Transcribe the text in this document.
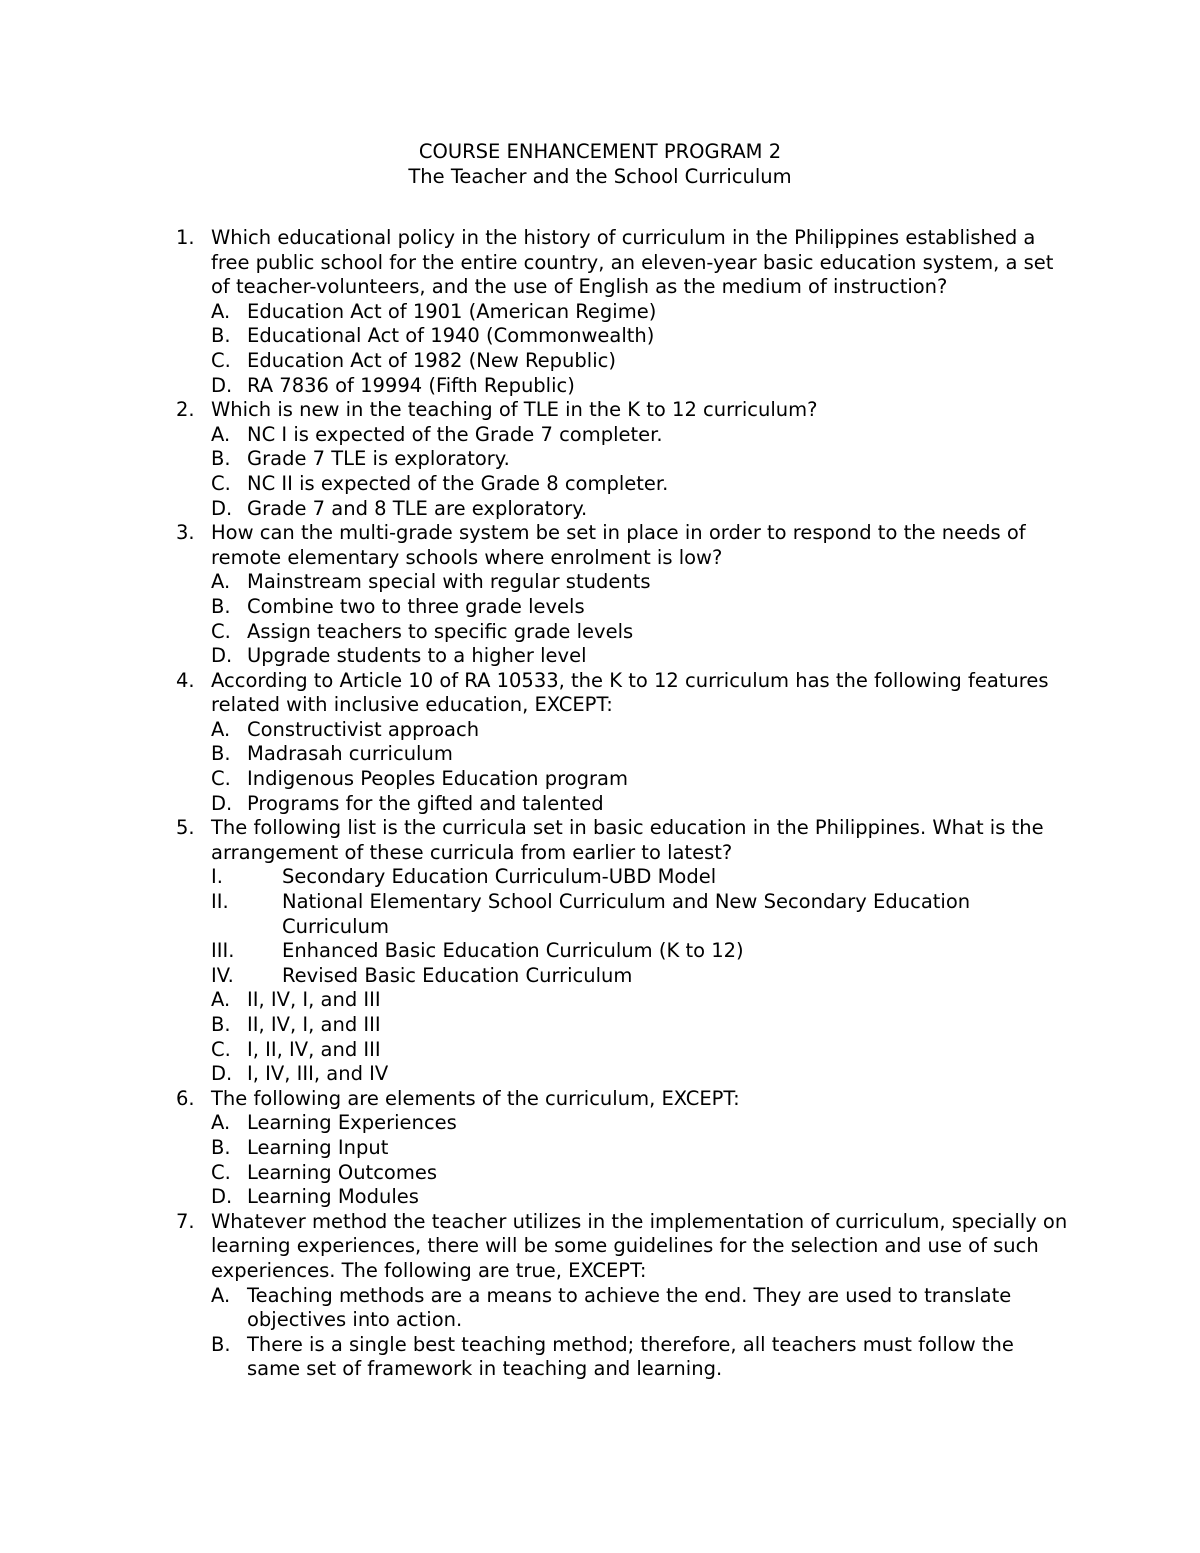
COURSE ENHANCEMENT PROGRAM 2
The Teacher and the School Curriculum
1. Which educational policy in the history of curriculum in the Philippines established a free public school for the entire country, an eleven-year basic education system, a set of teacher-volunteers, and the use of English as the medium of instruction?
A. Education Act of 1901 (American Regime)
B. Educational Act of 1940 (Commonwealth)
C. Education Act of 1982 (New Republic)
D. RA 7836 of 19994 (Fifth Republic)
2. Which is new in the teaching of TLE in the K to 12 curriculum?
A. NC I is expected of the Grade 7 completer.
B. Grade 7 TLE is exploratory.
C. NC II is expected of the Grade 8 completer.
D. Grade 7 and 8 TLE are exploratory.
3. How can the multi-grade system be set in place in order to respond to the needs of remote elementary schools where enrolment is low?
A. Mainstream special with regular students
B. Combine two to three grade levels
C. Assign teachers to specific grade levels
D. Upgrade students to a higher level
4. According to Article 10 of RA 10533, the K to 12 curriculum has the following features related with inclusive education, EXCEPT:
A. Constructivist approach
B. Madrasah curriculum
C. Indigenous Peoples Education program
D. Programs for the gifted and talented
5. The following list is the curricula set in basic education in the Philippines. What is the arrangement of these curricula from earlier to latest?
I.	Secondary Education Curriculum-UBD Model
II.	National Elementary School Curriculum and New Secondary Education Curriculum
III. Enhanced Basic Education Curriculum (K to 12)
IV. Revised Basic Education Curriculum
A. II, IV, I, and III
B. II, IV, I, and III
C. I, II, IV, and III
D. I, IV, III, and IV
6. The following are elements of the curriculum, EXCEPT:
A. Learning Experiences
B. Learning Input
C. Learning Outcomes
D. Learning Modules
7. Whatever method the teacher utilizes in the implementation of curriculum, specially on learning experiences, there will be some guidelines for the selection and use of such experiences. The following are true, EXCEPT:
A. Teaching methods are a means to achieve the end. They are used to translate objectives into action.
B. There is a single best teaching method; therefore, all teachers must follow the same set of framework in teaching and learning.
